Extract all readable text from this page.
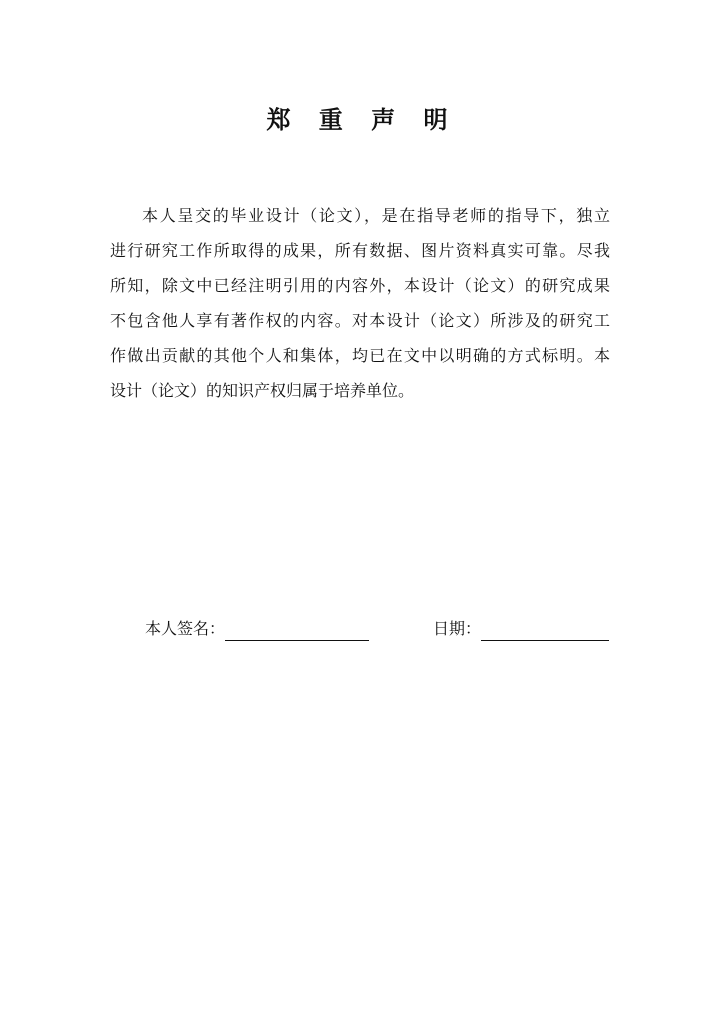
郑 重 声 明
本人呈交的毕业设计（论文），是在指导老师的指导下，独立
进行研究工作所取得的成果，所有数据、图片资料真实可靠。尽我
所知，除文中已经注明引用的内容外，本设计（论文）的研究成果
不包含他人享有著作权的内容。对本设计（论文）所涉及的研究工
作做出贡献的其他个人和集体，均已在文中以明确的方式标明。本
设计（论文）的知识产权归属于培养单位。
本人签名：	日期：
